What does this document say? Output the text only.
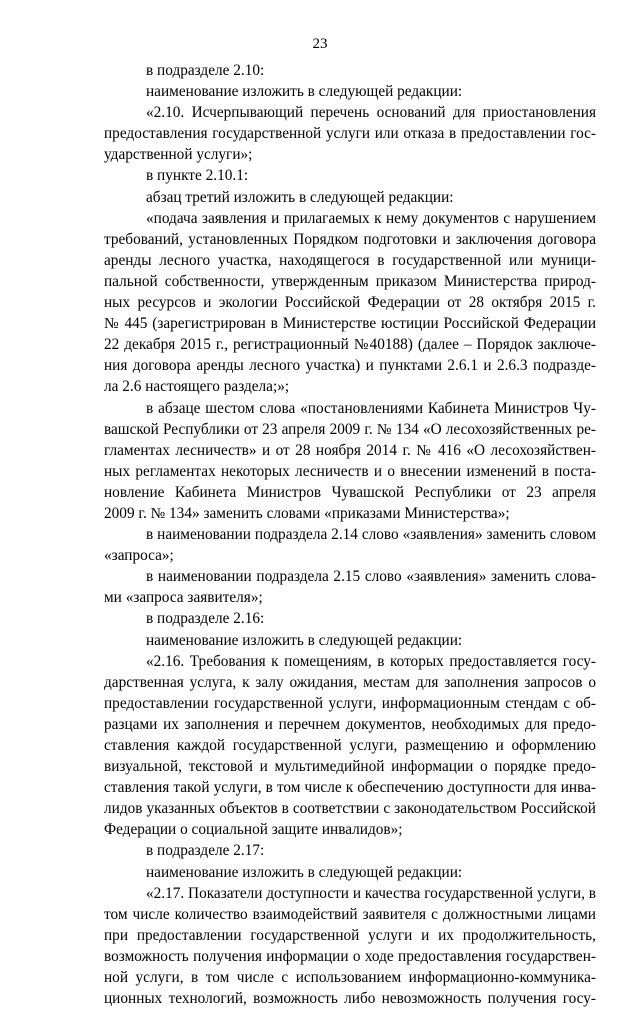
23
в подразделе 2.10:
наименование изложить в следующей редакции:
«2.10. Исчерпывающий перечень оснований для приостановления
предоставления государственной услуги или отказа в предоставлении гос-
ударственной услуги»;
в пункте 2.10.1:
абзац третий изложить в следующей редакции:
«подача заявления и прилагаемых к нему документов с нарушением
требований, установленных Порядком подготовки и заключения договора
аренды лесного участка, находящегося в государственной или муници-
пальной собственности, утвержденным приказом Министерства природ-
ных ресурсов и экологии Российской Федерации от 28 октября 2015 г.
№ 445 (зарегистрирован в Министерстве юстиции Российской Федерации
22 декабря 2015 г., регистрационный №40188) (далее – Порядок заключе-
ния договора аренды лесного участка) и пунктами 2.6.1 и 2.6.3 подразде-
ла 2.6 настоящего раздела;»;
в абзаце шестом слова «постановлениями Кабинета Министров Чу-
вашской Республики от 23 апреля 2009 г. № 134 «О лесохозяйственных ре-
гламентах лесничеств» и от 28 ноября 2014 г. № 416 «О лесохозяйствен-
ных регламентах некоторых лесничеств и о внесении изменений в поста-
новление Кабинета Министров Чувашской Республики от 23 апреля
2009 г. № 134» заменить словами «приказами Министерства»;
в наименовании подраздела 2.14 слово «заявления» заменить словом
«запроса»;
в наименовании подраздела 2.15 слово «заявления» заменить слова-
ми «запроса заявителя»;
в подразделе 2.16:
наименование изложить в следующей редакции:
«2.16. Требования к помещениям, в которых предоставляется госу-
дарственная услуга, к залу ожидания, местам для заполнения запросов о
предоставлении государственной услуги, информационным стендам с об-
разцами их заполнения и перечнем документов, необходимых для предо-
ставления каждой государственной услуги, размещению и оформлению
визуальной, текстовой и мультимедийной информации о порядке предо-
ставления такой услуги, в том числе к обеспечению доступности для инва-
лидов указанных объектов в соответствии с законодательством Российской
Федерации о социальной защите инвалидов»;
в подразделе 2.17:
наименование изложить в следующей редакции:
«2.17. Показатели доступности и качества государственной услуги, в
том числе количество взаимодействий заявителя с должностными лицами
при предоставлении государственной услуги и их продолжительность,
возможность получения информации о ходе предоставления государствен-
ной услуги, в том числе с использованием информационно-коммуника-
ционных технологий, возможность либо невозможность получения госу-
